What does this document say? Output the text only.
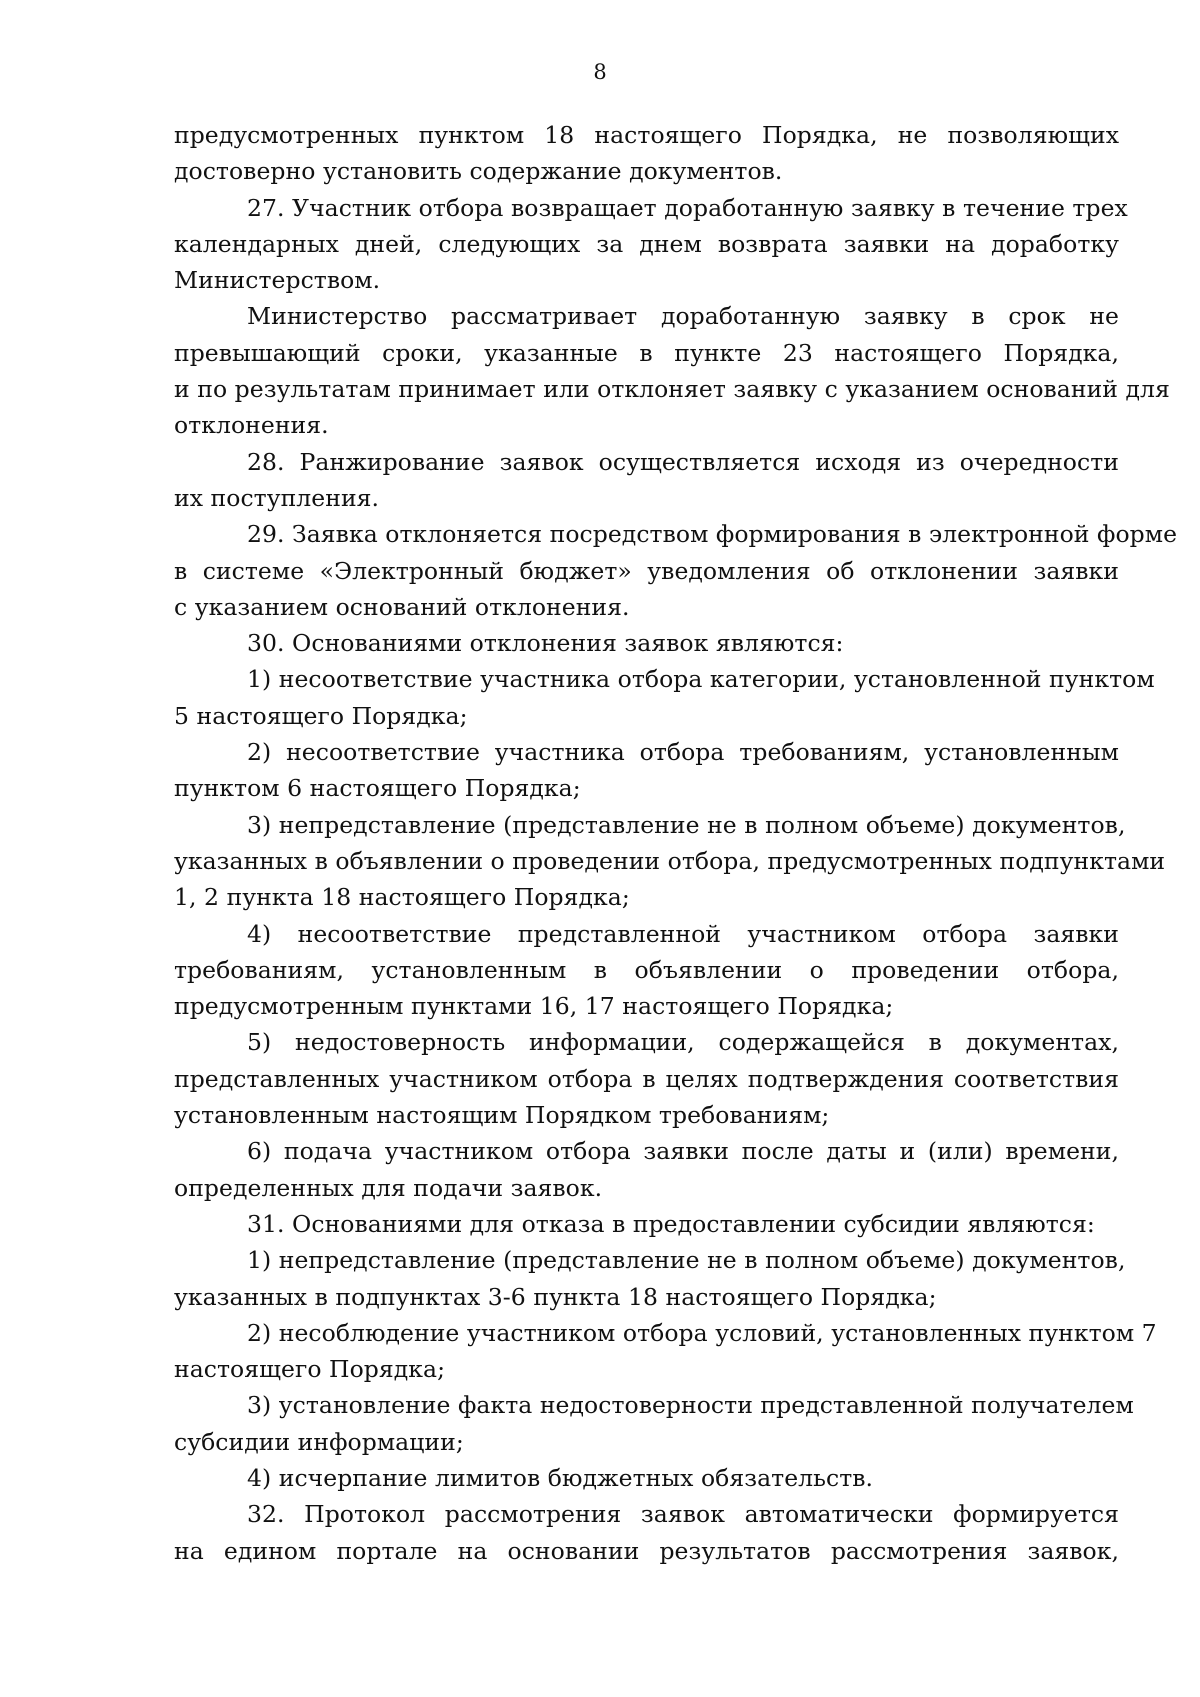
8
предусмотренных пунктом 18 настоящего Порядка, не позволяющих
достоверно установить содержание документов.
27. Участник отбора возвращает доработанную заявку в течение трех
календарных дней, следующих за днем возврата заявки на доработку
Министерством.
Министерство рассматривает доработанную заявку в срок не
превышающий сроки, указанные в пункте 23 настоящего Порядка,
и по результатам принимает или отклоняет заявку с указанием оснований для
отклонения.
28. Ранжирование заявок осуществляется исходя из очередности
их поступления.
29. Заявка отклоняется посредством формирования в электронной форме
в системе «Электронный бюджет» уведомления об отклонении заявки
с указанием оснований отклонения.
30. Основаниями отклонения заявок являются:
1) несоответствие участника отбора категории, установленной пунктом
5 настоящего Порядка;
2) несоответствие участника отбора требованиям, установленным
пунктом 6 настоящего Порядка;
3) непредставление (представление не в полном объеме) документов,
указанных в объявлении о проведении отбора, предусмотренных подпунктами
1, 2 пункта 18 настоящего Порядка;
4) несоответствие представленной участником отбора заявки
требованиям, установленным в объявлении о проведении отбора,
предусмотренным пунктами 16, 17 настоящего Порядка;
5) недостоверность информации, содержащейся в документах,
представленных участником отбора в целях подтверждения соответствия
установленным настоящим Порядком требованиям;
6) подача участником отбора заявки после даты и (или) времени,
определенных для подачи заявок.
31. Основаниями для отказа в предоставлении субсидии являются:
1) непредставление (представление не в полном объеме) документов,
указанных в подпунктах 3-6 пункта 18 настоящего Порядка;
2) несоблюдение участником отбора условий, установленных пунктом 7
настоящего Порядка;
3) установление факта недостоверности представленной получателем
субсидии информации;
4) исчерпание лимитов бюджетных обязательств.
32. Протокол рассмотрения заявок автоматически формируется
на едином портале на основании результатов рассмотрения заявок,
